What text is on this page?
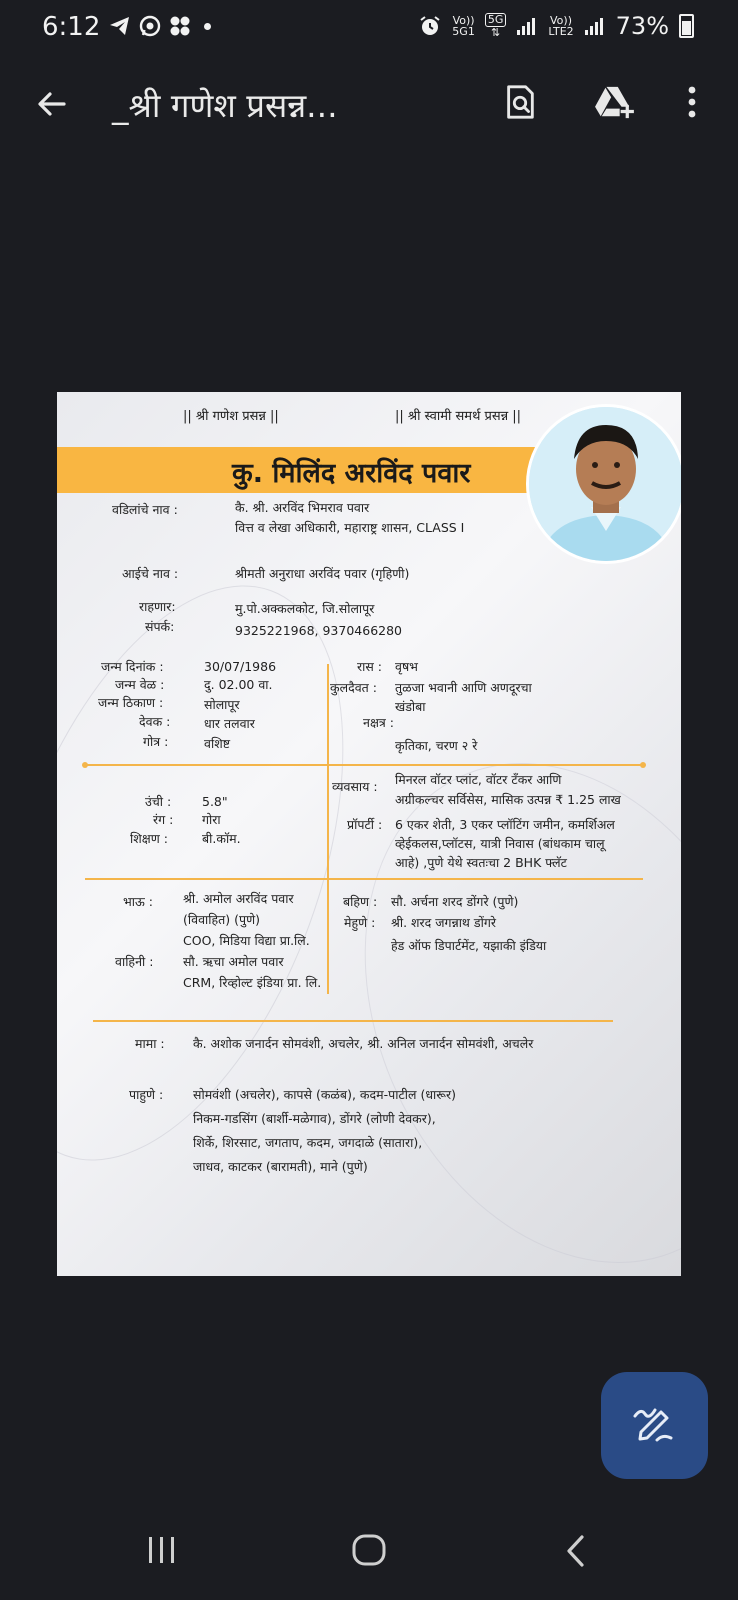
6:12	Vo))
5G1
5G
⇅
Vo))
LTE2 73%
_श्री गणेश प्रसन्न...
|| श्री गणेश प्रसन्न ||	|| श्री स्वामी समर्थ प्रसन्न ||
कु. मिलिंद अरविंद पवार
वडिलांचे नाव :	कै. श्री. अरविंद भिमराव पवार
वित्त व लेखा अधिकारी, महाराष्ट्र शासन, CLASS I
आईचे नाव :	श्रीमती अनुराधा अरविंद पवार (गृहिणी)
राहणार:	मु.पो.अक्कलकोट, जि.सोलापूर
संपर्क:	9325221968, 9370466280
जन्म दिनांक :	30/07/1986
जन्म वेळ :	दु. 02.00 वा.
जन्म ठिकाण :	सोलापूर
देवक :	धार तलवार
गोत्र :	वशिष्ट
रास : वृषभ
कुलदैवत : तुळजा भवानी आणि अणदूरचा
खंडोबा
नक्षत्र :
कृतिका, चरण २ रे
उंची : 5.8"
रंग : गोरा
शिक्षण :	बी.कॉम.
व्यवसाय : मिनरल वॉटर प्लांट, वॉटर टँकर आणि
अग्रीकल्चर सर्विसेस, मासिक उत्पन्न ₹ 1.25 लाख
प्रॉपर्टी : 6 एकर शेती, 3 एकर प्लॉटिंग जमीन, कमर्शिअल
व्हेईकलस,प्लॉटस, यात्री निवास (बांधकाम चालू
आहे) ,पुणे येथे स्वतःचा 2 BHK फ्लॅट
भाऊ : श्री. अमोल अरविंद पवार
(विवाहित) (पुणे)
COO, मिडिया विद्या प्रा.लि.
वाहिनी : सौ. ऋचा अमोल पवार
CRM, रिव्होल्ट इंडिया प्रा. लि.
बहिण : सौ. अर्चना शरद डोंगरे (पुणे)
मेहुणे : श्री. शरद जगन्नाथ डोंगरे
हेड ऑफ डिपार्टमेंट, यझाकी इंडिया
मामा : कै. अशोक जनार्दन सोमवंशी, अचलेर, श्री. अनिल जनार्दन सोमवंशी, अचलेर
पाहुणे : सोमवंशी (अचलेर), कापसे (कळंब), कदम-पाटील (धारूर)
निकम-गडसिंग (बार्शी-मळेगाव), डोंगरे (लोणी देवकर),
शिर्के, शिरसाट, जगताप, कदम, जगदाळे (सातारा),
जाधव, काटकर (बारामती), माने (पुणे)
